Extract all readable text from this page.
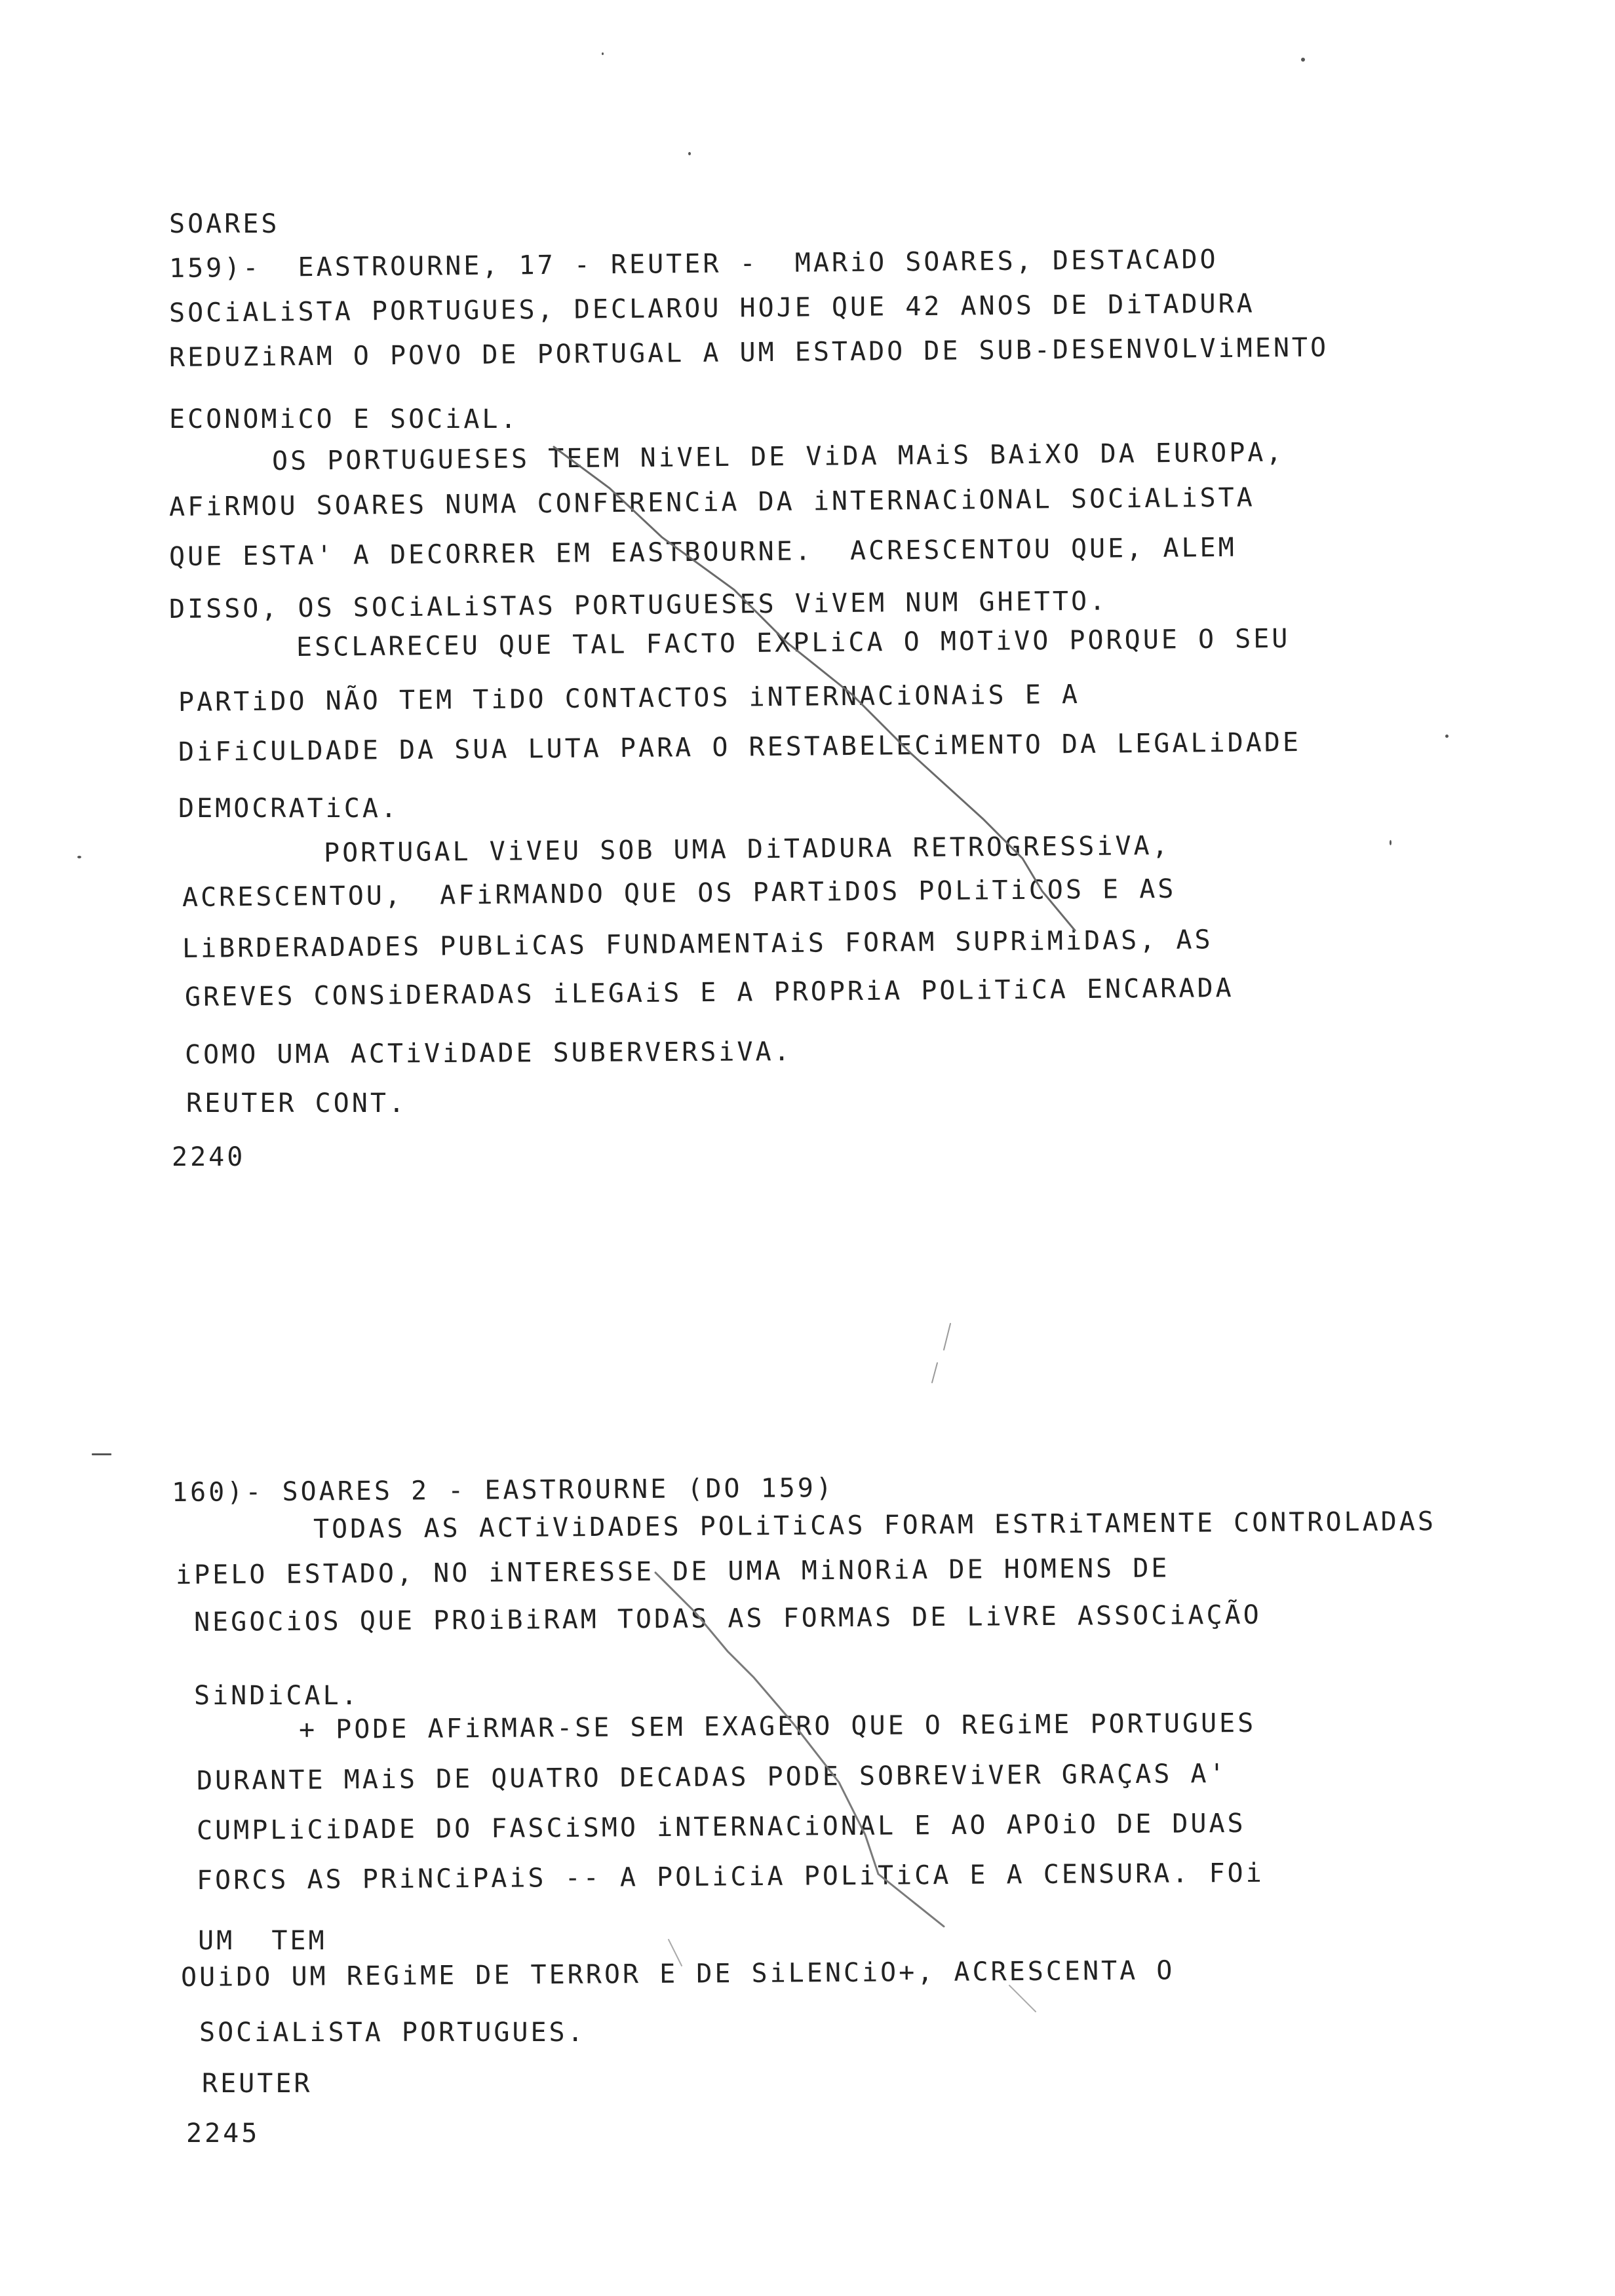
SOARES
159)-  EASTROURNE, 17 - REUTER -  MARiO SOARES, DESTACADO
SOCiALiSTA PORTUGUES, DECLAROU HOJE QUE 42 ANOS DE DiTADURA
REDUZiRAM O POVO DE PORTUGAL A UM ESTADO DE SUB-DESENVOLViMENTO
ECONOMiCO E SOCiAL.
OS PORTUGUESES TEEM NiVEL DE ViDA MAiS BAiXO DA EUROPA,
AFiRMOU SOARES NUMA CONFERENCiA DA iNTERNACiONAL SOCiALiSTA
QUE ESTA' A DECORRER EM EASTBOURNE.  ACRESCENTOU QUE, ALEM
DISSO, OS SOCiALiSTAS PORTUGUESES ViVEM NUM GHETTO.
ESCLARECEU QUE TAL FACTO EXPLiCA O MOTiVO PORQUE O SEU
PARTiDO NÃO TEM TiDO CONTACTOS iNTERNACiONAiS E A
DiFiCULDADE DA SUA LUTA PARA O RESTABELECiMENTO DA LEGALiDADE
DEMOCRATiCA.
PORTUGAL ViVEU SOB UMA DiTADURA RETROGRESSiVA,
ACRESCENTOU,  AFiRMANDO QUE OS PARTiDOS POLiTiCOS E AS
LiBRDERADADES PUBLiCAS FUNDAMENTAiS FORAM SUPRiMiDAS, AS
GREVES CONSiDERADAS iLEGAiS E A PROPRiA POLiTiCA ENCARADA
COMO UMA ACTiViDADE SUBERVERSiVA.
REUTER CONT.
2240
160)- SOARES 2 - EASTROURNE (DO 159)
TODAS AS ACTiViDADES POLiTiCAS FORAM ESTRiTAMENTE CONTROLADAS
iPELO ESTADO, NO iNTERESSE DE UMA MiNORiA DE HOMENS DE
NEGOCiOS QUE PROiBiRAM TODAS AS FORMAS DE LiVRE ASSOCiAÇÃO
SiNDiCAL.
+ PODE AFiRMAR-SE SEM EXAGERO QUE O REGiME PORTUGUES
DURANTE MAiS DE QUATRO DECADAS PODE SOBREViVER GRAÇAS A'
CUMPLiCiDADE DO FASCiSMO iNTERNACiONAL E AO APOiO DE DUAS
FORCS AS PRiNCiPAiS -- A POLiCiA POLiTiCA E A CENSURA. FOi
UM  TEM
OUiDO UM REGiME DE TERROR E DE SiLENCiO+, ACRESCENTA O
SOCiALiSTA PORTUGUES.
REUTER
2245
